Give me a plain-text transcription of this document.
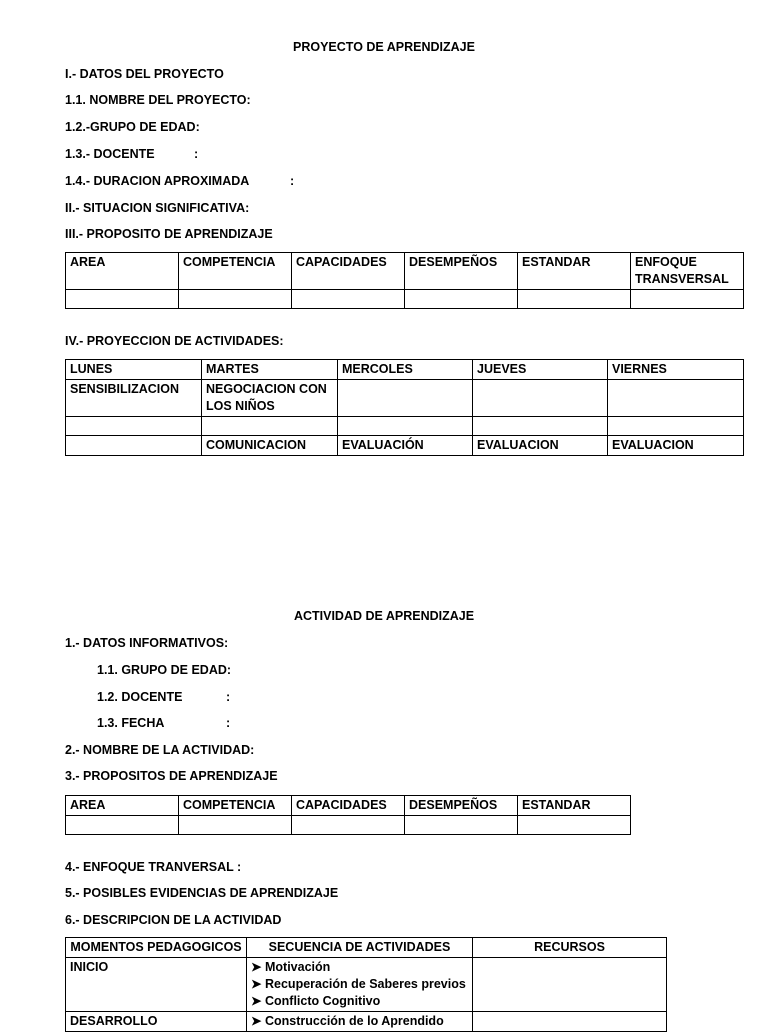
PROYECTO DE APRENDIZAJE
I.- DATOS DEL PROYECTO
1.1. NOMBRE DEL PROYECTO:
1.2.-GRUPO DE EDAD:
1.3.- DOCENTE	:
1.4.- DURACION APROXIMADA	:
II.- SITUACION SIGNIFICATIVA:
III.- PROPOSITO DE APRENDIZAJE
AREA	COMPETENCIA	CAPACIDADES	DESEMPEÑOS	ESTANDAR	ENFOQUE TRANSVERSAL

IV.- PROYECCION DE ACTIVIDADES:
LUNES	MARTES	MERCOLES	JUEVES	VIERNES
SENSIBILIZACION	NEGOCIACION CON LOS NIÑOS			

	COMUNICACION	EVALUACIÓN	EVALUACION	EVALUACION
ACTIVIDAD DE APRENDIZAJE
1.- DATOS INFORMATIVOS:
1.1. GRUPO DE EDAD:
1.2. DOCENTE	:
1.3. FECHA	:
2.- NOMBRE DE LA ACTIVIDAD:
3.- PROPOSITOS DE APRENDIZAJE
AREA	COMPETENCIA	CAPACIDADES	DESEMPEÑOS	ESTANDAR

4.- ENFOQUE TRANVERSAL :
5.- POSIBLES EVIDENCIAS DE APRENDIZAJE
6.- DESCRIPCION DE LA ACTIVIDAD
MOMENTOS PEDAGOGICOS	SECUENCIA DE ACTIVIDADES	RECURSOS
INICIO	➤ Motivación
➤ Recuperación de Saberes previos
➤ Conflicto Cognitivo	

DESARROLLO	➤ Construcción de lo Aprendido	
